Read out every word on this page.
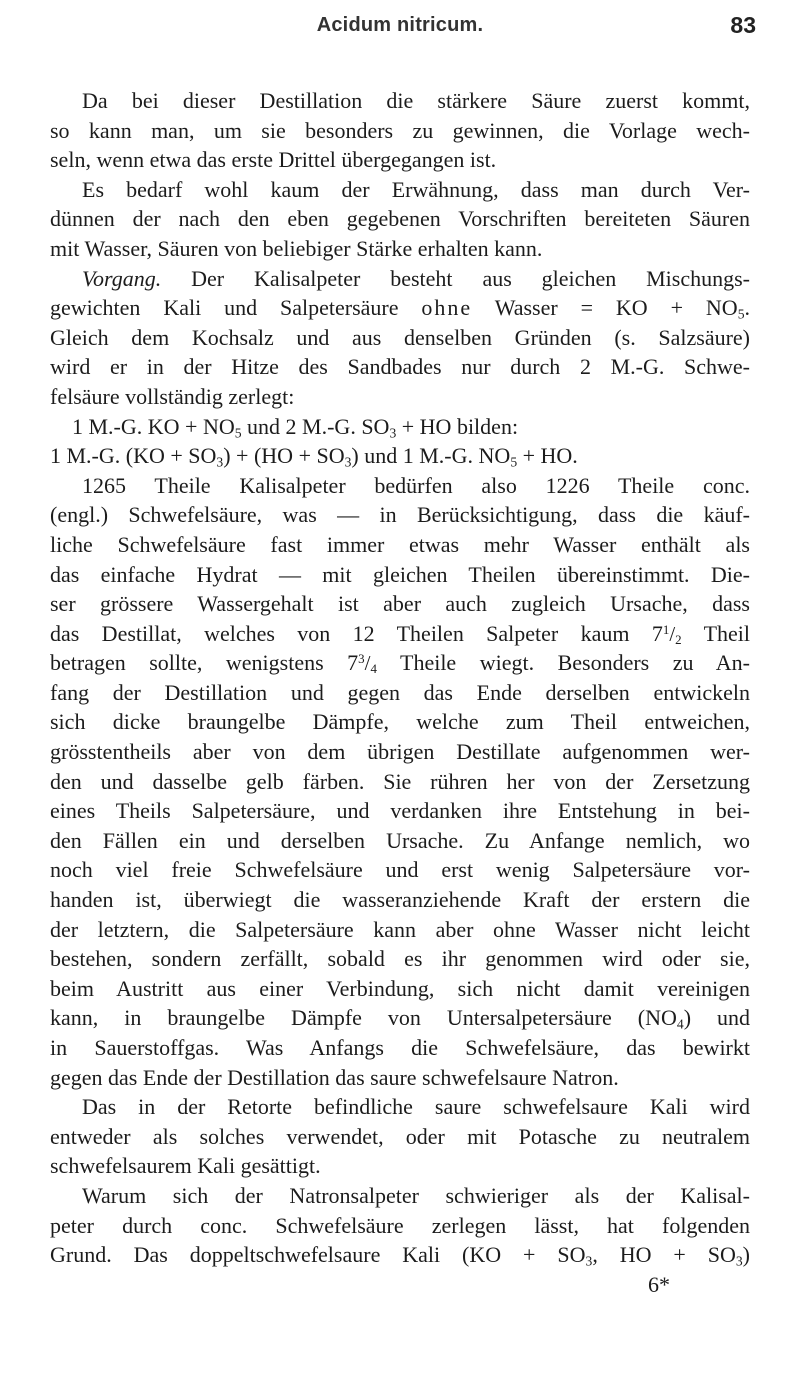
Acidum nitricum.	83
Da bei dieser Destillation die stärkere Säure zuerst kommt,
so kann man, um sie besonders zu gewinnen, die Vorlage wech-
seln, wenn etwa das erste Drittel übergegangen ist.
Es bedarf wohl kaum der Erwähnung, dass man durch Ver-
dünnen der nach den eben gegebenen Vorschriften bereiteten Säuren
mit Wasser, Säuren von beliebiger Stärke erhalten kann.
Vorgang. Der Kalisalpeter besteht aus gleichen Mischungs-
gewichten Kali und Salpetersäure ohne Wasser = KO + $NO_5$.
Gleich dem Kochsalz und aus denselben Gründen (s. Salzsäure)
wird er in der Hitze des Sandbades nur durch 2 M.-G. Schwe-
felsäure vollständig zerlegt:
1 M.-G. KO + $NO_5$ und 2 M.-G. $SO_3$ + HO bilden:
1 M.-G. $(KO + SO_3) + (HO + SO_3)$ und 1 M.-G. $NO_5$ + HO.
1265 Theile Kalisalpeter bedürfen also 1226 Theile conc.
(engl.) Schwefelsäure, was — in Berücksichtigung, dass die käuf-
liche Schwefelsäure fast immer etwas mehr Wasser enthält als
das einfache Hydrat — mit gleichen Theilen übereinstimmt. Die-
ser grössere Wassergehalt ist aber auch zugleich Ursache, dass
das Destillat, welches von 12 Theilen Salpeter kaum $7^1/_2$ Theil
betragen sollte, wenigstens $7^3/_4$ Theile wiegt. Besonders zu An-
fang der Destillation und gegen das Ende derselben entwickeln
sich dicke braungelbe Dämpfe, welche zum Theil entweichen,
grösstentheils aber von dem übrigen Destillate aufgenommen wer-
den und dasselbe gelb färben. Sie rühren her von der Zersetzung
eines Theils Salpetersäure, und verdanken ihre Entstehung in bei-
den Fällen ein und derselben Ursache. Zu Anfange nemlich, wo
noch viel freie Schwefelsäure und erst wenig Salpetersäure vor-
handen ist, überwiegt die wasseranziehende Kraft der erstern die
der letztern, die Salpetersäure kann aber ohne Wasser nicht leicht
bestehen, sondern zerfällt, sobald es ihr genommen wird oder sie,
beim Austritt aus einer Verbindung, sich nicht damit vereinigen
kann, in braungelbe Dämpfe von Untersalpetersäure $(NO_4)$ und
in Sauerstoffgas. Was Anfangs die Schwefelsäure, das bewirkt
gegen das Ende der Destillation das saure schwefelsaure Natron.
Das in der Retorte befindliche saure schwefelsaure Kali wird
entweder als solches verwendet, oder mit Potasche zu neutralem
schwefelsaurem Kali gesättigt.
Warum sich der Natronsalpeter schwieriger als der Kalisal-
peter durch conc. Schwefelsäure zerlegen lässt, hat folgenden
Grund. Das doppeltschwefelsaure Kali ($KO + SO_3$, HO + $SO_3$)
6*
